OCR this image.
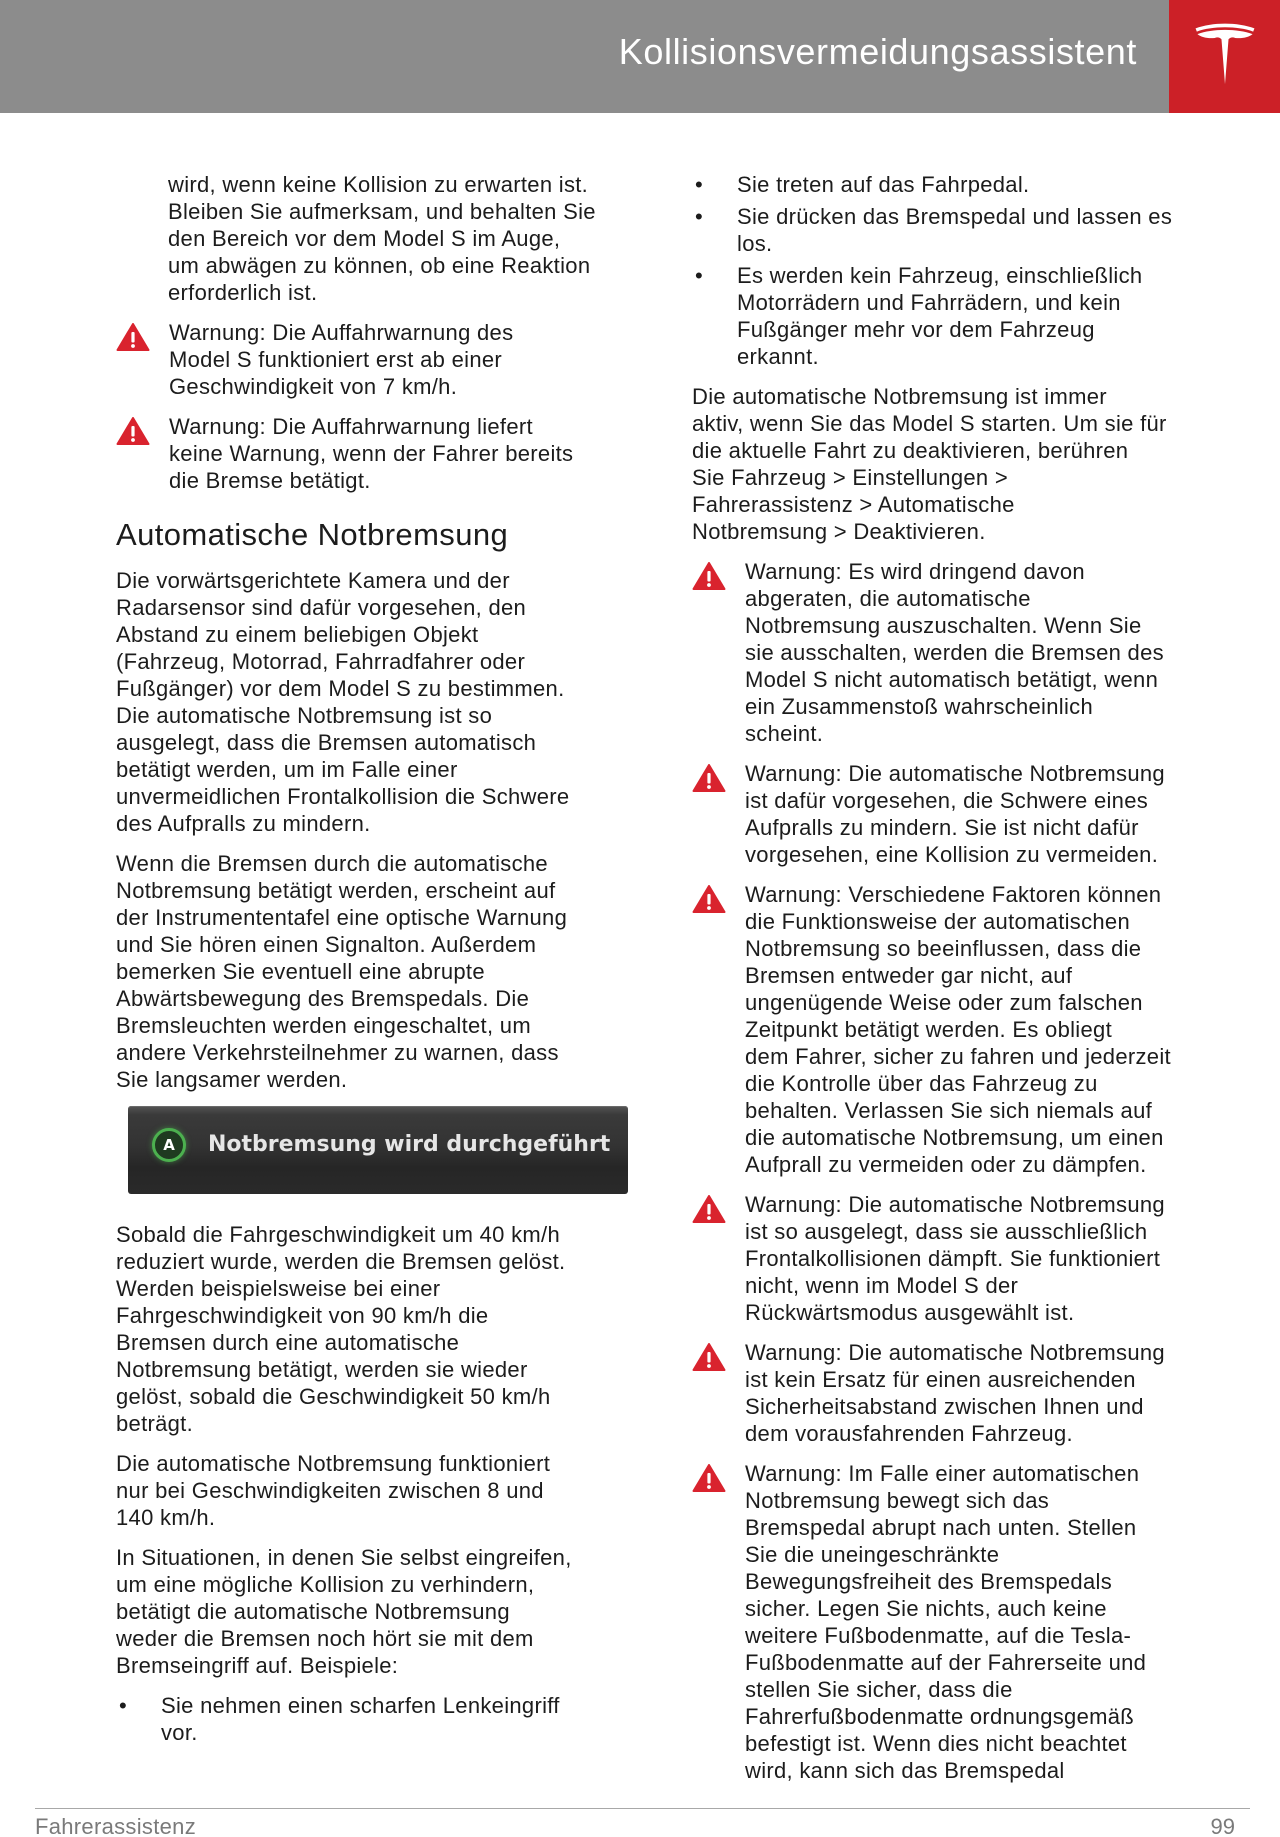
Kollisionsvermeidungsassistent

wird, wenn keine Kollision zu erwarten ist.
Bleiben Sie aufmerksam, und behalten Sie
den Bereich vor dem Model S im Auge,
um abwägen zu können, ob eine Reaktion
erforderlich ist.

Warnung: Die Auffahrwarnung des
Model S funktioniert erst ab einer
Geschwindigkeit von 7 km/h.

Warnung: Die Auffahrwarnung liefert
keine Warnung, wenn der Fahrer bereits
die Bremse betätigt.

Automatische Notbremsung

Die vorwärtsgerichtete Kamera und der
Radarsensor sind dafür vorgesehen, den
Abstand zu einem beliebigen Objekt
(Fahrzeug, Motorrad, Fahrradfahrer oder
Fußgänger) vor dem Model S zu bestimmen.
Die automatische Notbremsung ist so
ausgelegt, dass die Bremsen automatisch
betätigt werden, um im Falle einer
unvermeidlichen Frontalkollision die Schwere
des Aufpralls zu mindern.

Wenn die Bremsen durch die automatische
Notbremsung betätigt werden, erscheint auf
der Instrumententafel eine optische Warnung
und Sie hören einen Signalton. Außerdem
bemerken Sie eventuell eine abrupte
Abwärtsbewegung des Bremspedals. Die
Bremsleuchten werden eingeschaltet, um
andere Verkehrsteilnehmer zu warnen, dass
Sie langsamer werden.

A	Notbremsung wird durchgeführt

Sobald die Fahrgeschwindigkeit um 40 km/h
reduziert wurde, werden die Bremsen gelöst.
Werden beispielsweise bei einer
Fahrgeschwindigkeit von 90 km/h die
Bremsen durch eine automatische
Notbremsung betätigt, werden sie wieder
gelöst, sobald die Geschwindigkeit 50 km/h
beträgt.

Die automatische Notbremsung funktioniert
nur bei Geschwindigkeiten zwischen 8 und
140 km/h.

In Situationen, in denen Sie selbst eingreifen,
um eine mögliche Kollision zu verhindern,
betätigt die automatische Notbremsung
weder die Bremsen noch hört sie mit dem
Bremseingriff auf. Beispiele:

• Sie nehmen einen scharfen Lenkeingriff
vor.

• Sie treten auf das Fahrpedal.

• Sie drücken das Bremspedal und lassen es
los.

• Es werden kein Fahrzeug, einschließlich
Motorrädern und Fahrrädern, und kein
Fußgänger mehr vor dem Fahrzeug
erkannt.

Die automatische Notbremsung ist immer
aktiv, wenn Sie das Model S starten. Um sie für
die aktuelle Fahrt zu deaktivieren, berühren
Sie Fahrzeug > Einstellungen >
Fahrerassistenz > Automatische
Notbremsung > Deaktivieren.

Warnung: Es wird dringend davon
abgeraten, die automatische
Notbremsung auszuschalten. Wenn Sie
sie ausschalten, werden die Bremsen des
Model S nicht automatisch betätigt, wenn
ein Zusammenstoß wahrscheinlich
scheint.

Warnung: Die automatische Notbremsung
ist dafür vorgesehen, die Schwere eines
Aufpralls zu mindern. Sie ist nicht dafür
vorgesehen, eine Kollision zu vermeiden.

Warnung: Verschiedene Faktoren können
die Funktionsweise der automatischen
Notbremsung so beeinflussen, dass die
Bremsen entweder gar nicht, auf
ungenügende Weise oder zum falschen
Zeitpunkt betätigt werden. Es obliegt
dem Fahrer, sicher zu fahren und jederzeit
die Kontrolle über das Fahrzeug zu
behalten. Verlassen Sie sich niemals auf
die automatische Notbremsung, um einen
Aufprall zu vermeiden oder zu dämpfen.

Warnung: Die automatische Notbremsung
ist so ausgelegt, dass sie ausschließlich
Frontalkollisionen dämpft. Sie funktioniert
nicht, wenn im Model S der
Rückwärtsmodus ausgewählt ist.

Warnung: Die automatische Notbremsung
ist kein Ersatz für einen ausreichenden
Sicherheitsabstand zwischen Ihnen und
dem vorausfahrenden Fahrzeug.

Warnung: Im Falle einer automatischen
Notbremsung bewegt sich das
Bremspedal abrupt nach unten. Stellen
Sie die uneingeschränkte
Bewegungsfreiheit des Bremspedals
sicher. Legen Sie nichts, auch keine
weitere Fußbodenmatte, auf die Tesla-
Fußbodenmatte auf der Fahrerseite und
stellen Sie sicher, dass die
Fahrerfußbodenmatte ordnungsgemäß
befestigt ist. Wenn dies nicht beachtet
wird, kann sich das Bremspedal

Fahrerassistenz	99
